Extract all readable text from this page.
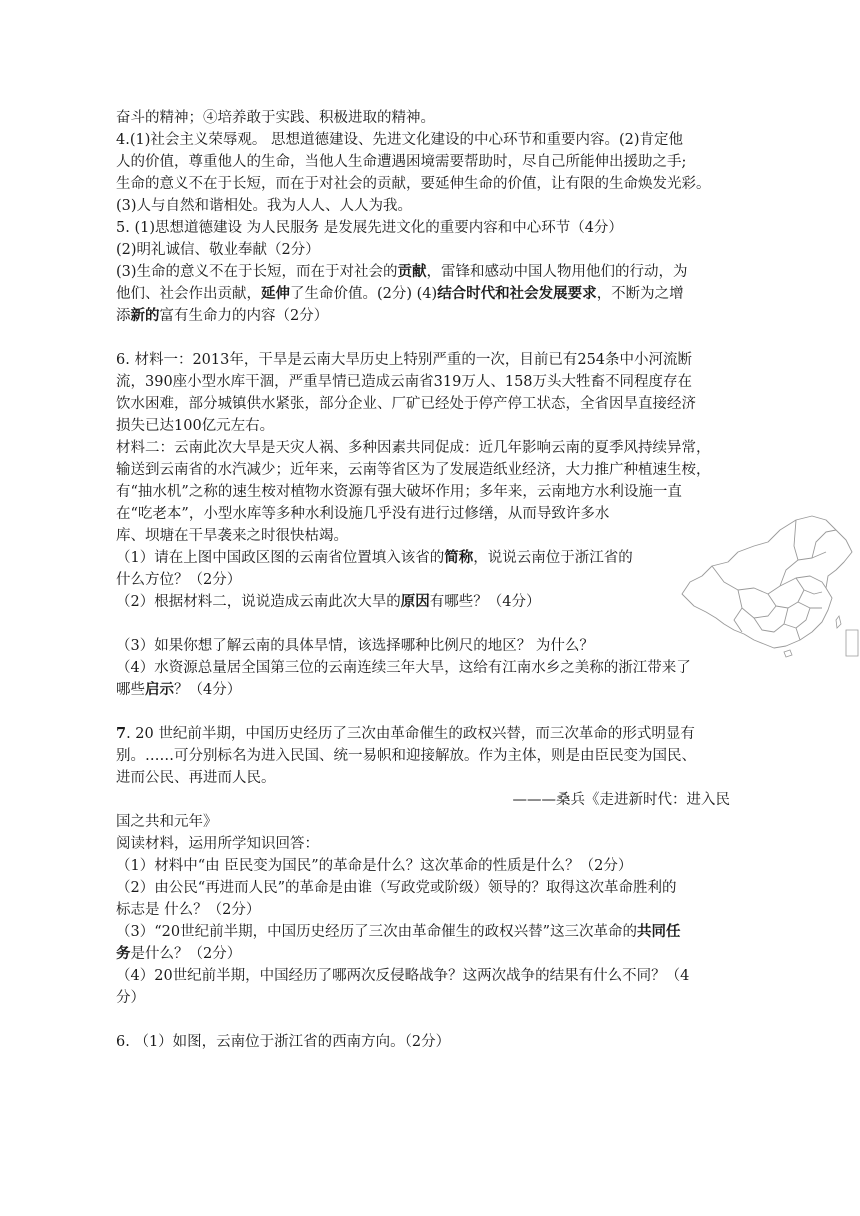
奋斗的精神；④培养敢于实践、积极进取的精神。
4.(1)社会主义荣辱观。 思想道德建设、先进文化建设的中心环节和重要内容。(2)肯定他
人的价值，尊重他人的生命，当他人生命遭遇困境需要帮助时，尽自己所能伸出援助之手;
生命的意义不在于长短，而在于对社会的贡献，要延伸生命的价值，让有限的生命焕发光彩。
(3)人与自然和谐相处。我为人人、人人为我。
5. (1)思想道德建设 为人民服务 是发展先进文化的重要内容和中心环节（4分）
(2)明礼诚信、敬业奉献（2分）
(3)生命的意义不在于长短，而在于对社会的贡献，雷锋和感动中国人物用他们的行动，为
他们、社会作出贡献，延伸了生命价值。(2分) (4)结合时代和社会发展要求，不断为之增
添新的富有生命力的内容（2分）
6. 材料一：2013年，干旱是云南大旱历史上特别严重的一次，目前已有254条中小河流断
流，390座小型水库干涸，严重旱情已造成云南省319万人、158万头大牲畜不同程度存在
饮水困难，部分城镇供水紧张，部分企业、厂矿已经处于停产停工状态，全省因旱直接经济
损失已达100亿元左右。
材料二：云南此次大旱是天灾人祸、多种因素共同促成：近几年影响云南的夏季风持续异常，
输送到云南省的水汽减少；近年来，云南等省区为了发展造纸业经济，大力推广种植速生桉，
有“抽水机”之称的速生桉对植物水资源有强大破坏作用；多年来，云南地方水利设施一直
在“吃老本”，小型水库等多种水利设施几乎没有进行过修缮，从而导致许多水
库、坝塘在干旱袭来之时很快枯竭。
（1）请在上图中国政区图的云南省位置填入该省的简称，说说云南位于浙江省的
什么方位？（2分）
（2）根据材料二，说说造成云南此次大旱的原因有哪些？（4分）
（3）如果你想了解云南的具体旱情，该选择哪种比例尺的地区？ 为什么？
（4）水资源总量居全国第三位的云南连续三年大旱，这给有江南水乡之美称的浙江带来了
哪些启示？（4分）
7. 20 世纪前半期，中国历史经历了三次由革命催生的政权兴替，而三次革命的形式明显有
别。……可分别标名为进入民国、统一易帜和迎接解放。作为主体，则是由臣民变为国民、
进而公民、再进而人民。
———桑兵《走进新时代：进入民
国之共和元年》
阅读材料，运用所学知识回答：
（1）材料中“由 臣民变为国民”的革命是什么？这次革命的性质是什么？（2分）
（2）由公民“再进而人民”的革命是由谁（写政党或阶级）领导的？取得这次革命胜利的
标志是 什么？（2分）
（3）“20世纪前半期，中国历史经历了三次由革命催生的政权兴替”这三次革命的共同任
务是什么？（2分）
（4）20世纪前半期，中国经历了哪两次反侵略战争？这两次战争的结果有什么不同？（4
分）
6. （1）如图，云南位于浙江省的西南方向。（2分）
